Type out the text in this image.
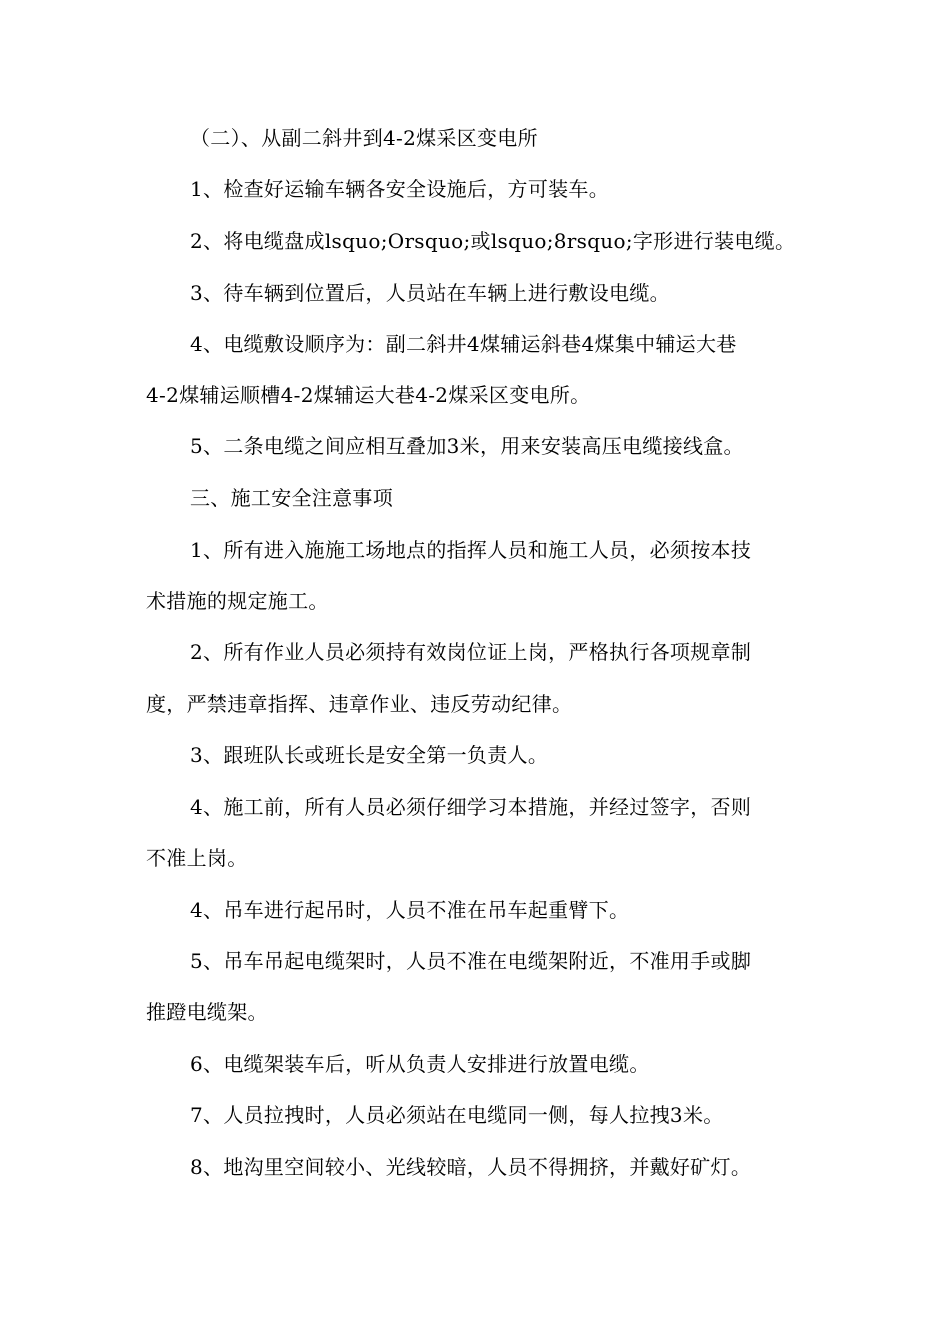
（二）、从副二斜井到4-2煤采区变电所
1、检查好运输车辆各安全设施后，方可装车。
2、将电缆盘成lsquo;Orsquo;或lsquo;8rsquo;字形进行装电缆。
3、待车辆到位置后，人员站在车辆上进行敷设电缆。
4、电缆敷设顺序为：副二斜井4煤辅运斜巷4煤集中辅运大巷
4-2煤辅运顺槽4-2煤辅运大巷4-2煤采区变电所。
5、二条电缆之间应相互叠加3米，用来安装高压电缆接线盒。
三、施工安全注意事项
1、所有进入施施工场地点的指挥人员和施工人员，必须按本技
术措施的规定施工。
2、所有作业人员必须持有效岗位证上岗，严格执行各项规章制
度，严禁违章指挥、违章作业、违反劳动纪律。
3、跟班队长或班长是安全第一负责人。
4、施工前，所有人员必须仔细学习本措施，并经过签字，否则
不准上岗。
4、吊车进行起吊时，人员不准在吊车起重臂下。
5、吊车吊起电缆架时，人员不准在电缆架附近，不准用手或脚
推蹬电缆架。
6、电缆架装车后，听从负责人安排进行放置电缆。
7、人员拉拽时，人员必须站在电缆同一侧，每人拉拽3米。
8、地沟里空间较小、光线较暗，人员不得拥挤，并戴好矿灯。
